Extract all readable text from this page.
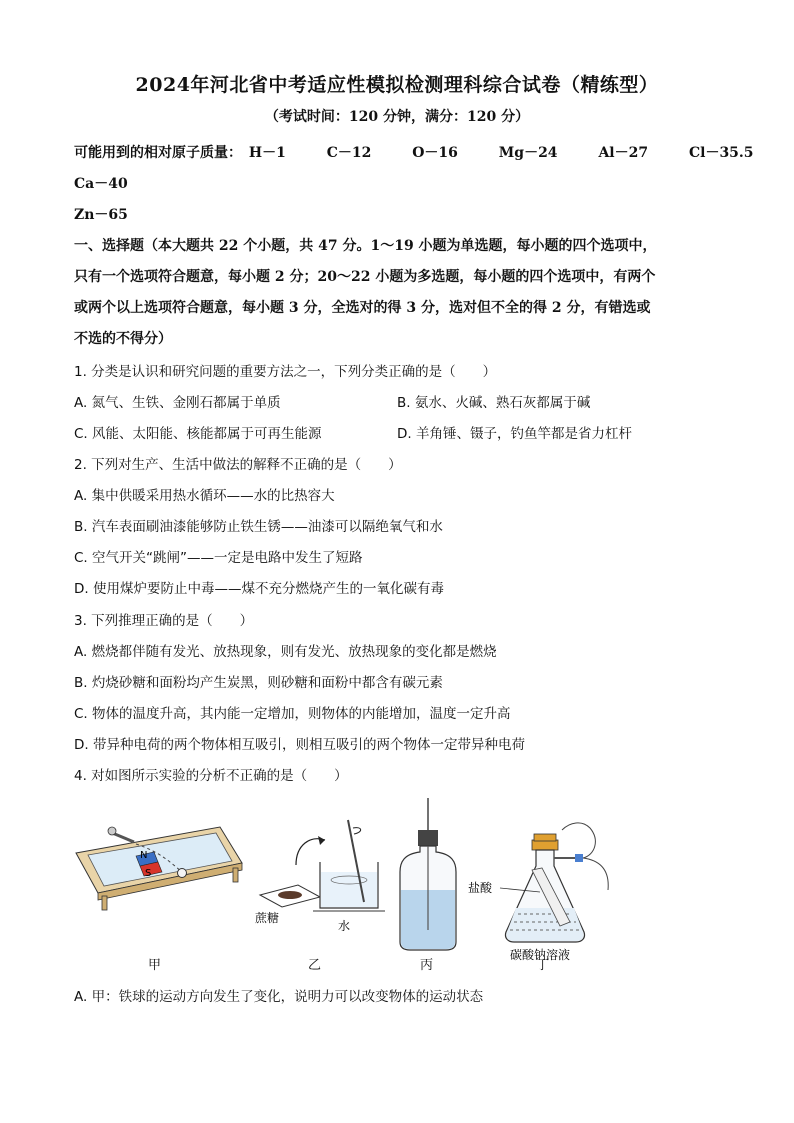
2024年河北省中考适应性模拟检测理科综合试卷（精练型）
（考试时间：120 分钟，满分：120 分）
可能用到的相对原子质量： H－1	C－12	O－16	Mg－24	Al－27	Cl－35.5
Ca－40
Zn－65
一、选择题（本大题共 22 个小题，共 47 分。1～19 小题为单选题，每小题的四个选项中，
只有一个选项符合题意，每小题 2 分；20～22 小题为多选题，每小题的四个选项中，有两个
或两个以上选项符合题意，每小题 3 分，全选对的得 3 分，选对但不全的得 2 分，有错选或
不选的不得分）
1. 分类是认识和研究问题的重要方法之一，下列分类正确的是（　　）
A. 氮气、生铁、金刚石都属于单质	B. 氨水、火碱、熟石灰都属于碱
C. 风能、太阳能、核能都属于可再生能源	D. 羊角锤、镊子，钓鱼竿都是省力杠杆
2. 下列对生产、生活中做法的解释不正确的是（　　）
A. 集中供暖采用热水循环——水的比热容大
B. 汽车表面刷油漆能够防止铁生锈——油漆可以隔绝氧气和水
C. 空气开关“跳闸”——一定是电路中发生了短路
D. 使用煤炉要防止中毒——煤不充分燃烧产生的一氧化碳有毒
3. 下列推理正确的是（　　）
A. 燃烧都伴随有发光、放热现象，则有发光、放热现象的变化都是燃烧
B. 灼烧砂糖和面粉均产生炭黑，则砂糖和面粉中都含有碳元素
C. 物体的温度升高，其内能一定增加，则物体的内能增加，温度一定升高
D. 带异种电荷的两个物体相互吸引，则相互吸引的两个物体一定带异种电荷
4. 对如图所示实验的分析不正确的是（　　）
N
S
蔗糖
水
盐酸
碳酸钠溶液
甲	乙	丙	丁
A. 甲：铁球的运动方向发生了变化，说明力可以改变物体的运动状态
